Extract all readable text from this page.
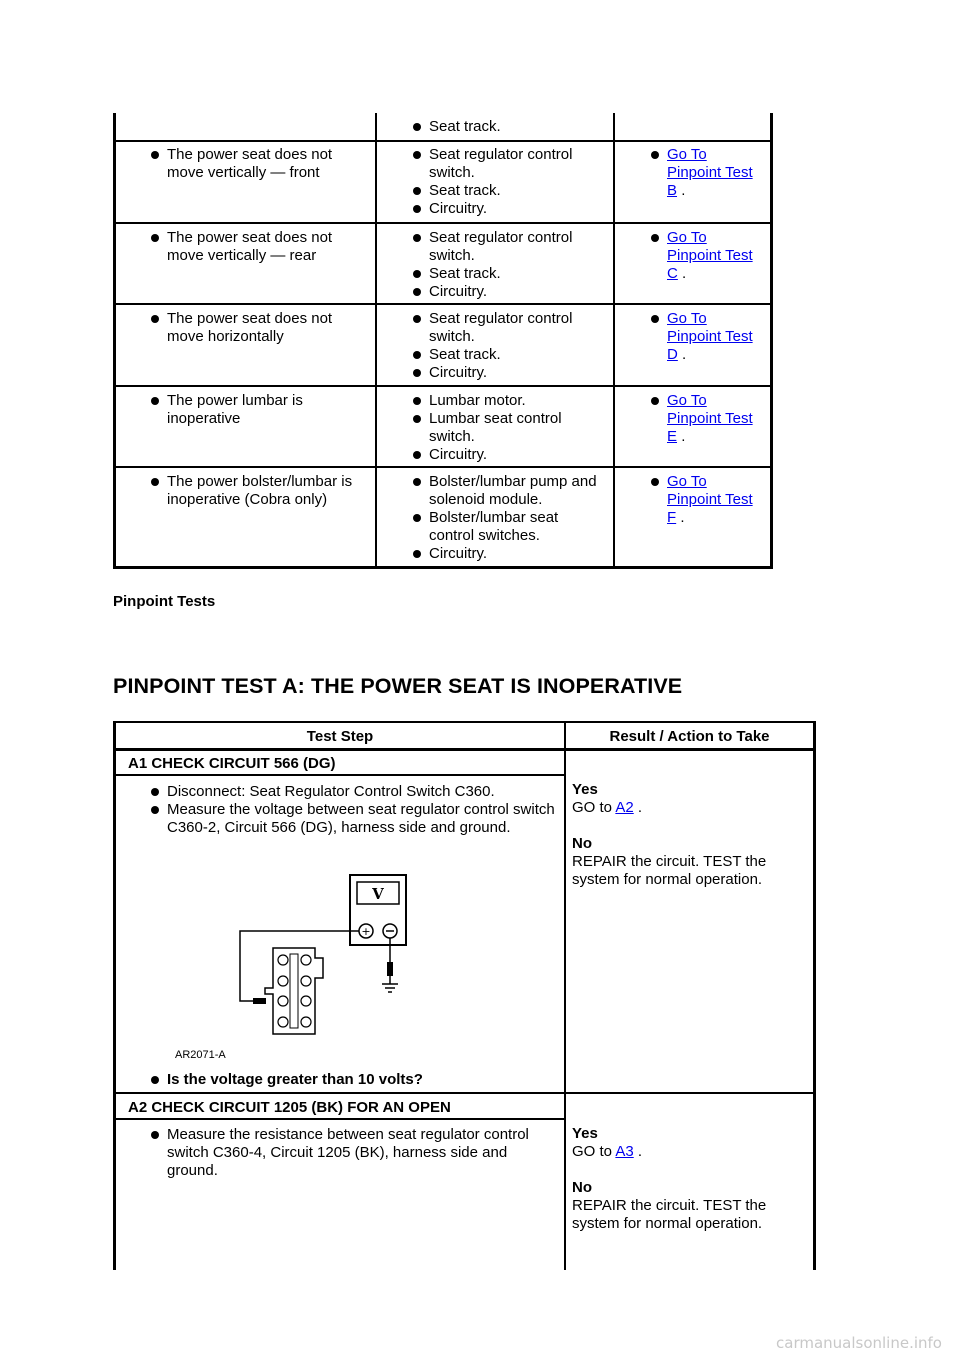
Seat track.
The power seat does not move vertically — front
Seat regulator control switch.
Seat track.
Circuitry.
Go To Pinpoint Test B .
The power seat does not move vertically — rear
Seat regulator control switch.
Seat track.
Circuitry.
Go To Pinpoint Test C .
The power seat does not move horizontally
Seat regulator control switch.
Seat track.
Circuitry.
Go To Pinpoint Test D .
The power lumbar is inoperative
Lumbar motor.
Lumbar seat control switch.
Circuitry.
Go To Pinpoint Test E .
The power bolster/lumbar is inoperative (Cobra only)
Bolster/lumbar pump and solenoid module.
Bolster/lumbar seat control switches.
Circuitry.
Go To Pinpoint Test F .
Pinpoint Tests
PINPOINT TEST A: THE POWER SEAT IS INOPERATIVE
Test Step	Result / Action to Take
A1 CHECK CIRCUIT 566 (DG)
Disconnect: Seat Regulator Control Switch C360.
Measure the voltage between seat regulator control switch C360-2, Circuit 566 (DG), harness side and ground.
V
+
AR2071-A
Is the voltage greater than 10 volts?
Yes
GO to A2 .
No
REPAIR the circuit. TEST the system for normal operation.
A2 CHECK CIRCUIT 1205 (BK) FOR AN OPEN
Measure the resistance between seat regulator control switch C360-4, Circuit 1205 (BK), harness side and ground.
Yes
GO to A3 .
No
REPAIR the circuit. TEST the system for normal operation.
carmanualsonline.info
